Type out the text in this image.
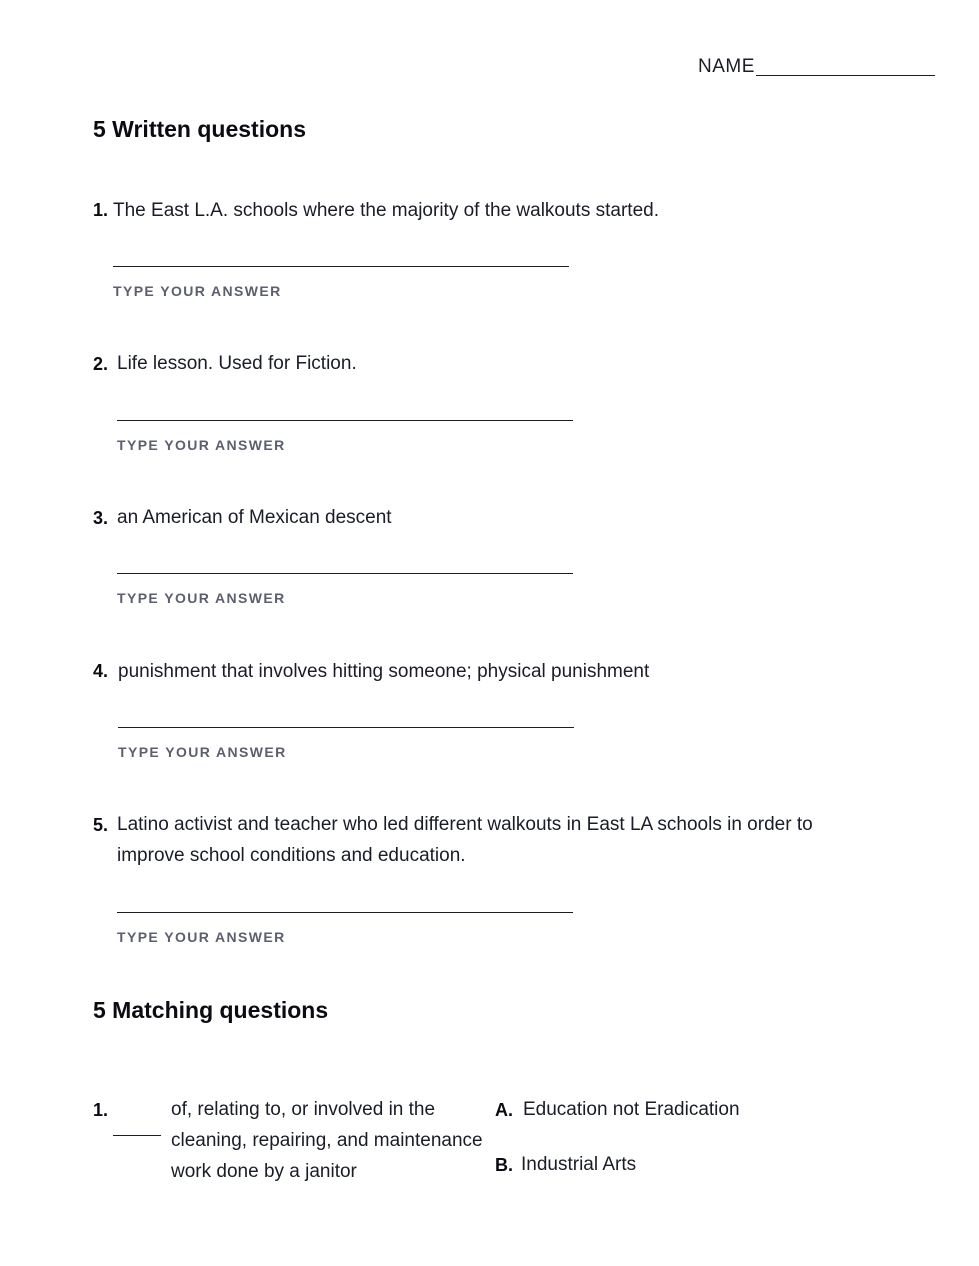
NAME
5 Written questions
1. The East L.A. schools where the majority of the walkouts started.
TYPE YOUR ANSWER
2. Life lesson. Used for Fiction.
TYPE YOUR ANSWER
3. an American of Mexican descent
TYPE YOUR ANSWER
4. punishment that involves hitting someone; physical punishment
TYPE YOUR ANSWER
5. Latino activist and teacher who led different walkouts in East LA schools in order to improve school conditions and education.
TYPE YOUR ANSWER
5 Matching questions
1.	of, relating to, or involved in the cleaning, repairing, and maintenance work done by a janitor
A. Education not Eradication
B. Industrial Arts
